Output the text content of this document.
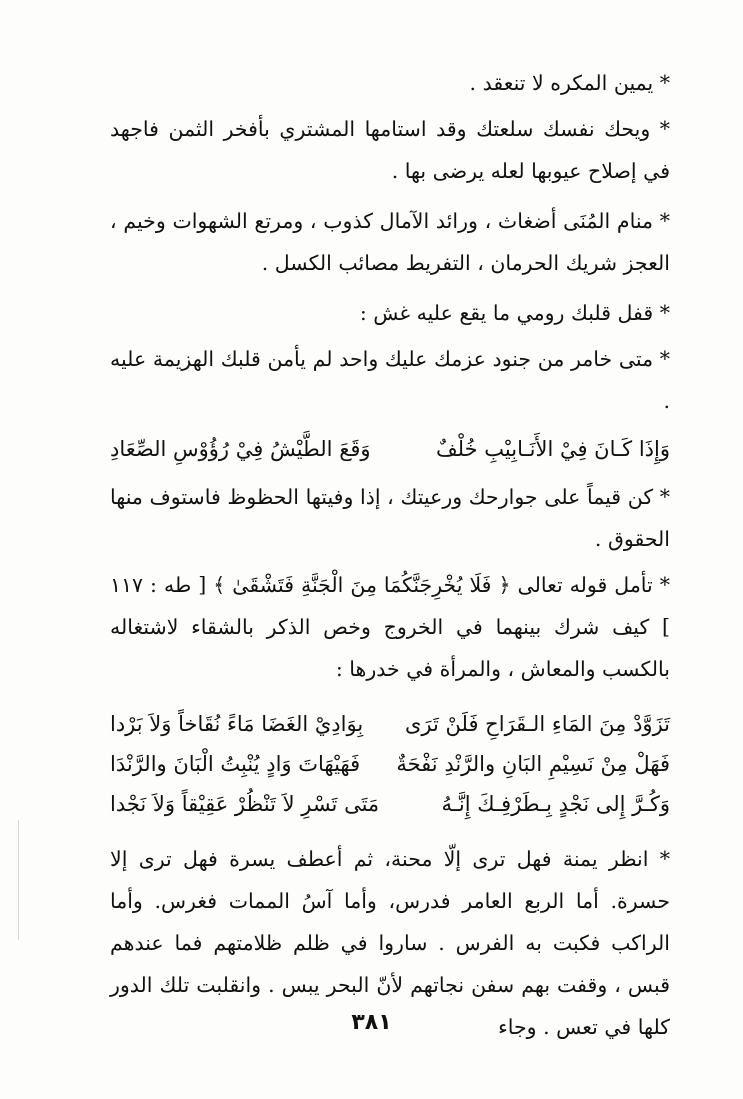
* يمين المكره لا تنعقد .

* ويحك نفسك سلعتك وقد استامها المشتري بأفخر الثمن فاجهد في إصلاح عيوبها لعله يرضى بها .

* منام المُنَى أضغاث ، ورائد الآمال كذوب ، ومرتع الشهوات وخيم ، العجز شريك الحرمان ، التفريط مصائب الكسل .

* قفل قلبك رومي ما يقع عليه غش :

* متى خامر من جنود عزمك عليك واحد لم يأمن قلبك الهزيمة عليه .

وَإِذَا كَـانَ فِيْ الأَنَـابِيْبِ خُلْفٌ
وَقَعَ الطَّيْشُ فِيْ رُؤُوْسِ الصِّعَادِ

* كن قيماً على جوارحك ورعيتك ، إذا وفيتها الحظوظ فاستوف منها الحقوق .

* تأمل قوله تعالى ﴿ فَلَا يُخْرِجَنَّكُمَا مِنَ الْجَنَّةِ فَتَشْقَىٰ ﴾ [ طه : ١١٧ ] كيف شرك بينهما في الخروج وخص الذكر بالشقاء لاشتغاله بالكسب والمعاش ، والمرأة في خدرها :

تَزَوَّدْ مِنَ المَاءِ الـقَرَاحِ فَلَنْ تَرَى
بِوَادِيْ الغَضَا مَاءً نُقَاخاً وَلاَ بَرْدا
فَهَلْ مِنْ نَسِيْمِ البَانِ والرَّنْدِ نَفْحَةٌ
فَهَيْهَاتَ وَادٍ يُنْبِتُ الْبَانَ والرَّنْدَا
وَكُـرَّ إِلى نَجْدٍ بِـطَرْفِـكَ إِنَّـهُ
مَتَى تَسْرِ لاَ تَنْظُرْ عَقِيْقاً وَلاَ نَجْدا

* انظر يمنة فهل ترى إلّا محنة، ثم أعطف يسرة فهل ترى إلا حسرة. أما الربع العامر فدرس، وأما آسُ الممات فغرس. وأما الراكب فكبت به الفرس . ساروا في ظلم ظلامتهم فما عندهم قبس ، وقفت بهم سفن نجاتهم لأنّ البحر يبس . وانقلبت تلك الدور كلها في تعس . وجاء

٣٨١
